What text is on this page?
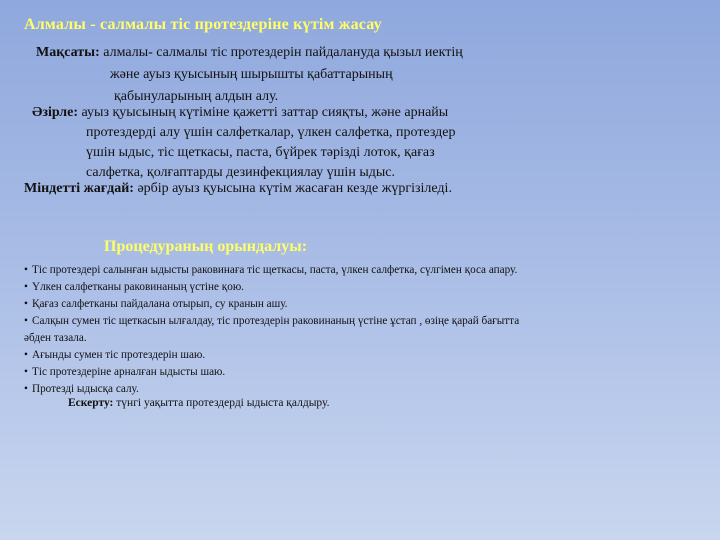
Алмалы - салмалы тіс протездеріне күтім жасау
Мақсаты: алмалы- салмалы тіс протездерін пайдалануда қызыл иектің
және ауыз қуысының шырышты қабаттарының
қабынуларының алдын алу.
Әзірле: ауыз қуысының күтіміне қажетті заттар сияқты, және арнайы
протездерді алу үшін салфеткалар, үлкен салфетка, протездер
үшін ыдыс, тіс щеткасы, паста, бүйрек тәрізді лоток, қағаз
салфетка, қолғаптарды дезинфекциялау үшін ыдыс.
Міндетті жағдай: әрбір ауыз қуысына күтім жасаған кезде жүргізіледі.
Процедураның орындалуы:
• Тіс протездері салынған ыдысты раковинаға тіс щеткасы, паста, үлкен салфетка, сүлгімен қоса апару.
• Үлкен салфетканы раковинаның үстіне қою.
• Қағаз салфетканы пайдалана отырып, су кранын ашу.
• Салқын сумен тіс щеткасын ылғалдау, тіс протездерін раковинаның үстіне ұстап , өзіңе қарай бағытта
әбден тазала.
• Ағынды сумен тіс протездерін шаю.
• Тіс протездеріне арналған ыдысты шаю.
• Протезді ыдысқа салу.
Ескерту: түнгі уақытта протездерді ыдыста қалдыру.
